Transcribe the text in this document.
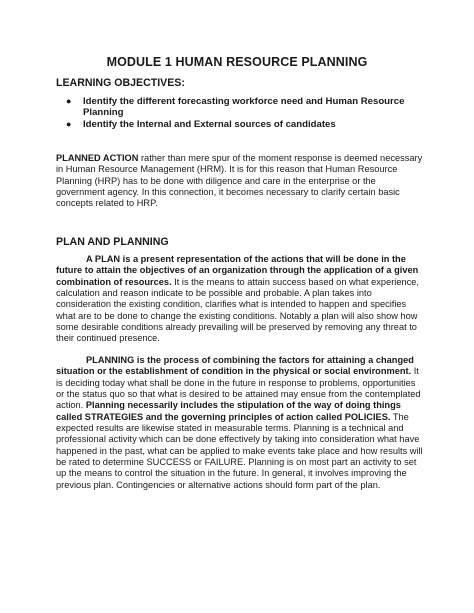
MODULE 1 HUMAN RESOURCE PLANNING
LEARNING OBJECTIVES:
● Identify the different forecasting workforce need and Human Resource Planning
● Identify the Internal and External sources of candidates

PLANNED ACTION rather than mere spur of the moment response is deemed necessary in Human Resource Management (HRM). It is for this reason that Human Resource Planning (HRP) has to be done with diligence and care in the enterprise or the government agency. In this connection, it becomes necessary to clarify certain basic concepts related to HRP.

PLAN AND PLANNING

A PLAN is a present representation of the actions that will be done in the future to attain the objectives of an organization through the application of a given combination of resources. It is the means to attain success based on what experience, calculation and reason indicate to be possible and probable. A plan takes into consideration the existing condition, clarifies what is intended to happen and specifies what are to be done to change the existing conditions. Notably a plan will also show how some desirable conditions already prevailing will be preserved by removing any threat to their continued presence.

PLANNING is the process of combining the factors for attaining a changed situation or the establishment of condition in the physical or social environment. It is deciding today what shall be done in the future in response to problems, opportunities or the status quo so that what is desired to be attained may ensue from the contemplated action. Planning necessarily includes the stipulation of the way of doing things called STRATEGIES and the governing principles of action called POLICIES. The expected results are likewise stated in measurable terms. Planning is a technical and professional activity which can be done effectively by taking into consideration what have happened in the past, what can be applied to make events take place and how results will be rated to determine SUCCESS or FAILURE. Planning is on most part an activity to set up the means to control the situation in the future. In general, it involves improving the previous plan. Contingencies or alternative actions should form part of the plan.
